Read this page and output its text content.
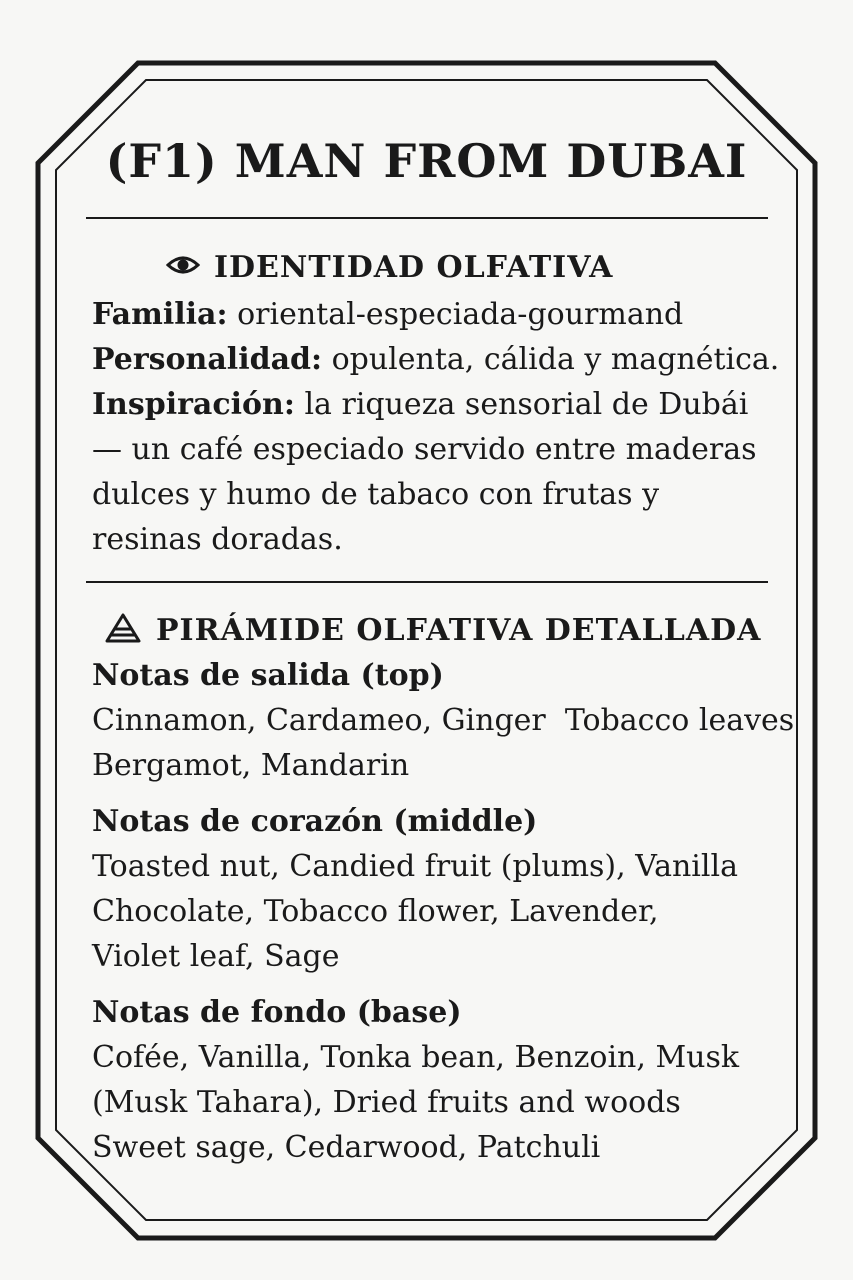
(F1) MAN FROM DUBAI
IDENTIDAD OLFATIVA

Familia: oriental-especiada-gourmand

Personalidad: opulenta, cálida y magnética.

Inspiración: la riqueza sensorial de Dubái — un café especiado servido entre maderas dulces y humo de tabaco con frutas y resinas doradas.

PIRÁMIDE OLFATIVA DETALLADA
Notas de salida (top)

Cinnamon, Cardameo, Ginger  Tobacco leaves

Bergamot, Mandarin

Notas de corazón (middle)

Toasted nut, Candied fruit (plums), Vanilla Chocolate, Tobacco flower, Lavender, Violet leaf, Sage

Notas de fondo (base)

Cofée, Vanilla, Tonka bean, Benzoin, Musk

(Musk Tahara), Dried fruits and woods

Sweet sage, Cedarwood, Patchuli
